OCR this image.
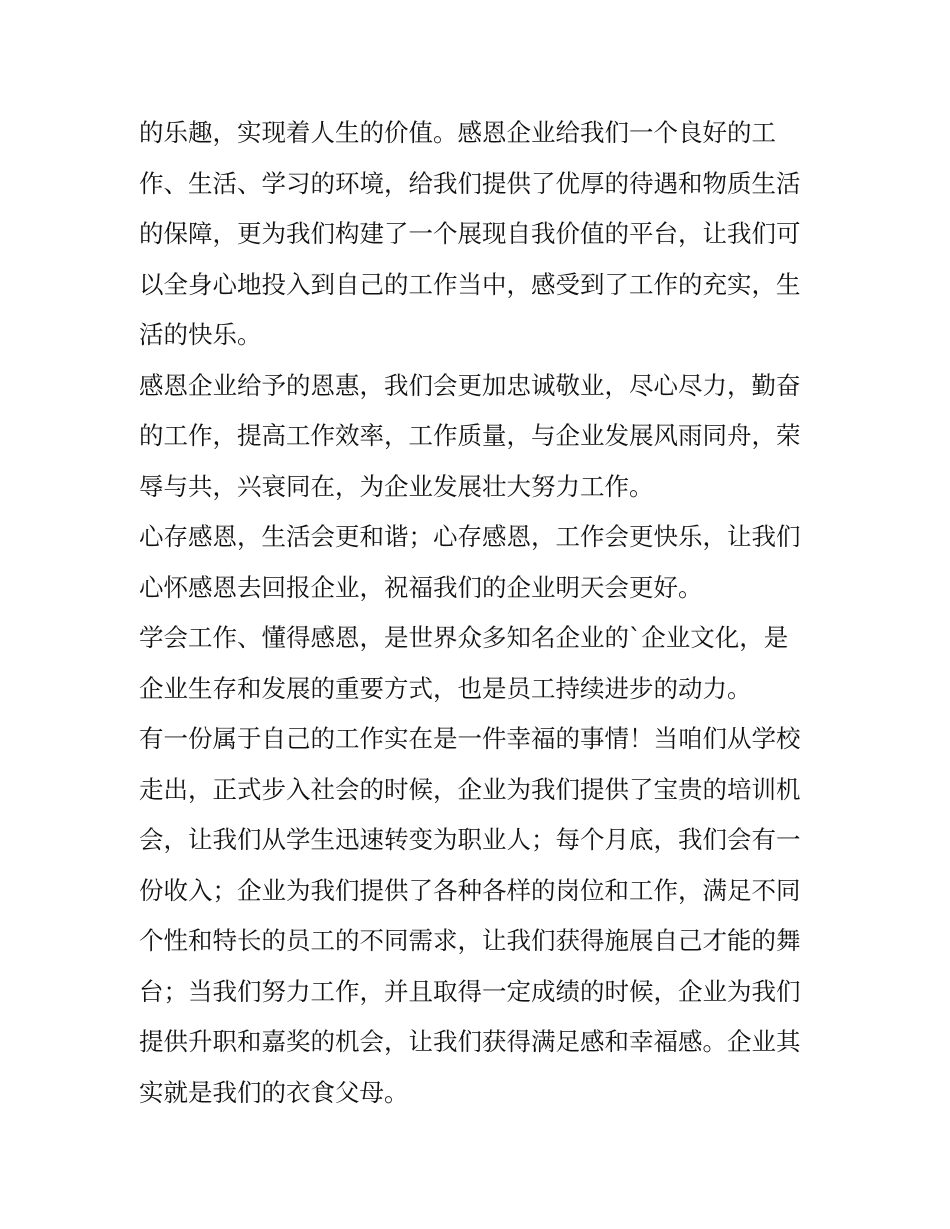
的乐趣，实现着人生的价值。感恩企业给我们一个良好的工
作、生活、学习的环境，给我们提供了优厚的待遇和物质生活
的保障，更为我们构建了一个展现自我价值的平台，让我们可
以全身心地投入到自己的工作当中，感受到了工作的充实，生
活的快乐。
感恩企业给予的恩惠，我们会更加忠诚敬业，尽心尽力，勤奋
的工作，提高工作效率，工作质量，与企业发展风雨同舟，荣
辱与共，兴衰同在，为企业发展壮大努力工作。
心存感恩，生活会更和谐；心存感恩，工作会更快乐，让我们
心怀感恩去回报企业，祝福我们的企业明天会更好。
学会工作、懂得感恩，是世界众多知名企业的`企业文化，是
企业生存和发展的重要方式，也是员工持续进步的动力。
有一份属于自己的工作实在是一件幸福的事情！当咱们从学校
走出，正式步入社会的时候，企业为我们提供了宝贵的培训机
会，让我们从学生迅速转变为职业人；每个月底，我们会有一
份收入；企业为我们提供了各种各样的岗位和工作，满足不同
个性和特长的员工的不同需求，让我们获得施展自己才能的舞
台；当我们努力工作，并且取得一定成绩的时候，企业为我们
提供升职和嘉奖的机会，让我们获得满足感和幸福感。企业其
实就是我们的衣食父母。
